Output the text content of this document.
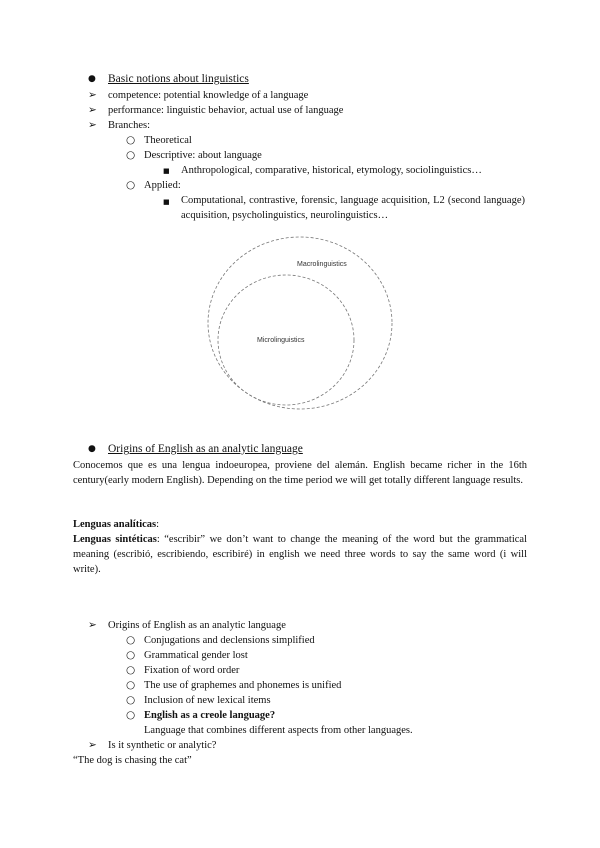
● Basic notions about linguistics
➢ competence: potential knowledge of a language
➢ performance: linguistic behavior, actual use of language
➢ Branches:
○ Theoretical
○ Descriptive: about language
■ Anthropological, comparative, historical, etymology, sociolinguistics…
○ Applied:
■ Computational, contrastive, forensic, language acquisition, L2 (second language) acquisition, psycholinguistics, neurolinguistics…
Macrolinguistics
Microlinguistics
● Origins of English as an analytic language
Conocemos que es una lengua indoeuropea, proviene del alemán. English became richer in the 16th century(early modern English). Depending on the time period we will get totally different language results.
Lenguas analíticas:
Lenguas sintéticas: “escribir” we don’t want to change the meaning of the word but the grammatical meaning (escribió, escribiendo, escribiré) in english we need three words to say the same word (i will write).
➢ Origins of English as an analytic language
○ Conjugations and declensions simplified
○ Grammatical gender lost
○ Fixation of word order
○ The use of graphemes and phonemes is unified
○ Inclusion of new lexical items
○ English as a creole language?
Language that combines different aspects from other languages.
➢ Is it synthetic or analytic?
“The dog is chasing the cat”
